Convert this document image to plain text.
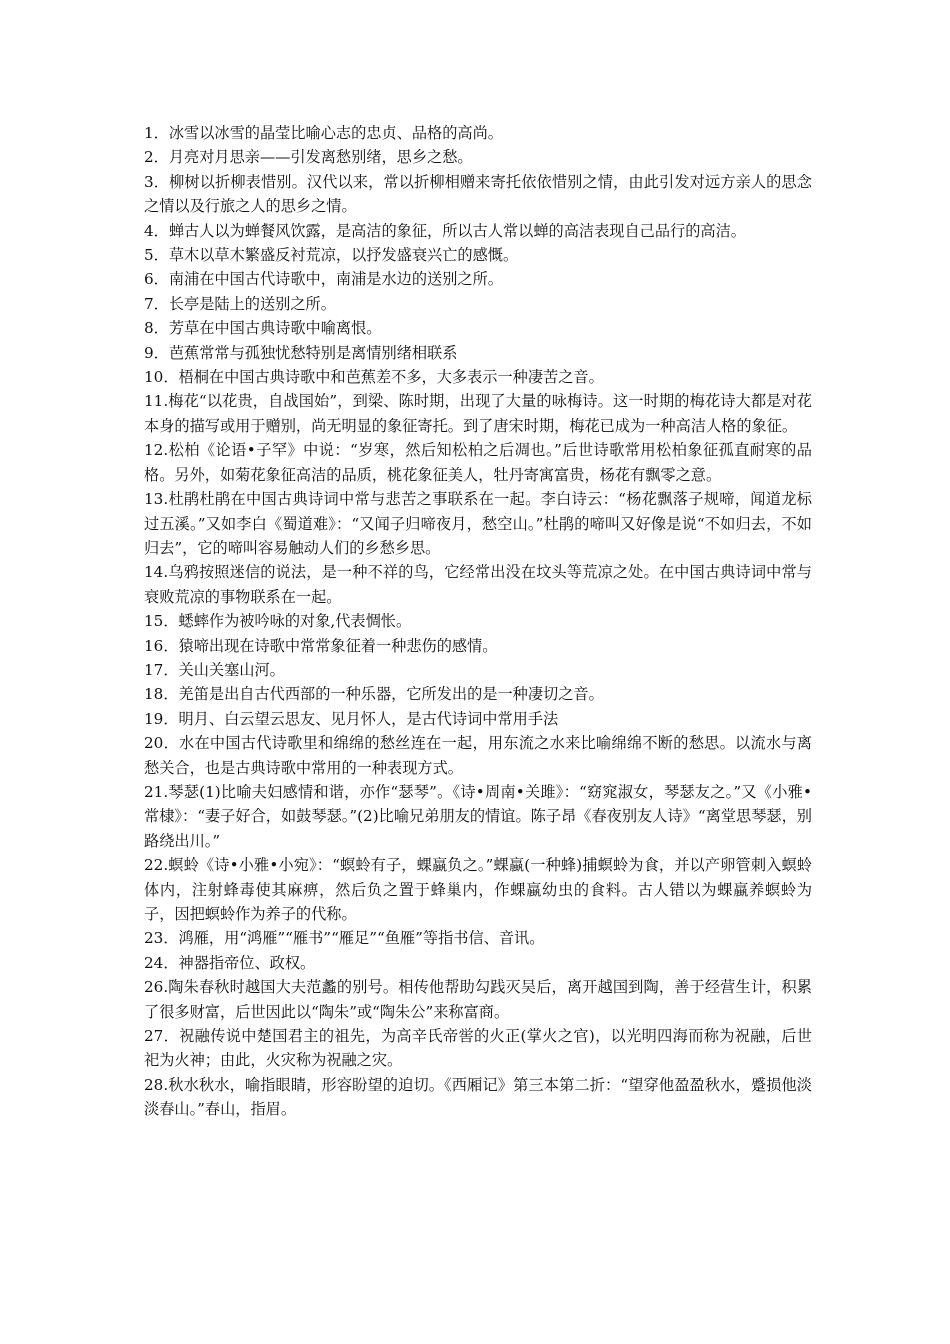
1．冰雪以冰雪的晶莹比喻心志的忠贞、品格的高尚。

2．月亮对月思亲——引发离愁别绪，思乡之愁。

3．柳树以折柳表惜别。汉代以来，常以折柳相赠来寄托依依惜别之情，由此引发对远方亲人的思念之情以及行旅之人的思乡之情。

4．蝉古人以为蝉餐风饮露，是高洁的象征，所以古人常以蝉的高洁表现自己品行的高洁。

5．草木以草木繁盛反衬荒凉，以抒发盛衰兴亡的感慨。

6．南浦在中国古代诗歌中，南浦是水边的送别之所。

7．长亭是陆上的送别之所。

8．芳草在中国古典诗歌中喻离恨。

9．芭蕉常常与孤独忧愁特别是离情别绪相联系

10．梧桐在中国古典诗歌中和芭蕉差不多，大多表示一种凄苦之音。

11.梅花“以花贵，自战国始”，到梁、陈时期，出现了大量的咏梅诗。这一时期的梅花诗大都是对花本身的描写或用于赠别，尚无明显的象征寄托。到了唐宋时期，梅花已成为一种高洁人格的象征。

12.松柏《论语•子罕》中说：“岁寒，然后知松柏之后凋也。”后世诗歌常用松柏象征孤直耐寒的品格。另外，如菊花象征高洁的品质，桃花象征美人，牡丹寄寓富贵，杨花有飘零之意。

13.杜鹃杜鹃在中国古典诗词中常与悲苦之事联系在一起。李白诗云：“杨花飘落子规啼，闻道龙标过五溪。”又如李白《蜀道难》：“又闻子归啼夜月，愁空山。”杜鹃的啼叫又好像是说“不如归去，不如归去”，它的啼叫容易触动人们的乡愁乡思。

14.乌鸦按照迷信的说法，是一种不祥的鸟，它经常出没在坟头等荒凉之处。在中国古典诗词中常与衰败荒凉的事物联系在一起。

15．蟋蟀作为被吟咏的对象,代表惆怅。

16．猿啼出现在诗歌中常常象征着一种悲伤的感情。

17．关山关塞山河。

18．羌笛是出自古代西部的一种乐器，它所发出的是一种凄切之音。

19．明月、白云望云思友、见月怀人，是古代诗词中常用手法

20．水在中国古代诗歌里和绵绵的愁丝连在一起，用东流之水来比喻绵绵不断的愁思。以流水与离愁关合，也是古典诗歌中常用的一种表现方式。

21.琴瑟(1)比喻夫妇感情和谐，亦作“瑟琴”。《诗•周南•关雎》：“窈窕淑女，琴瑟友之。”又《小雅•常棣》：“妻子好合，如鼓琴瑟。”(2)比喻兄弟朋友的情谊。陈子昂《春夜别友人诗》“离堂思琴瑟，别路绕出川。”

22.螟蛉《诗•小雅•小宛》：“螟蛉有子，蜾蠃负之。”蜾蠃(一种蜂)捕螟蛉为食，并以产卵管刺入螟蛉体内，注射蜂毒使其麻痹，然后负之置于蜂巢内，作蜾蠃幼虫的食料。古人错以为蜾蠃养螟蛉为子，因把螟蛉作为养子的代称。

23．鸿雁，用“鸿雁”“雁书”“雁足”“鱼雁”等指书信、音讯。

24．神器指帝位、政权。

26.陶朱春秋时越国大夫范蠡的别号。相传他帮助勾践灭吴后，离开越国到陶，善于经营生计，积累了很多财富，后世因此以“陶朱”或“陶朱公”来称富商。

27．祝融传说中楚国君主的祖先，为高辛氏帝喾的火正(掌火之官)，以光明四海而称为祝融，后世祀为火神；由此，火灾称为祝融之灾。

28.秋水秋水，喻指眼睛，形容盼望的迫切。《西厢记》第三本第二折：“望穿他盈盈秋水，蹙损他淡淡春山。”春山，指眉。
